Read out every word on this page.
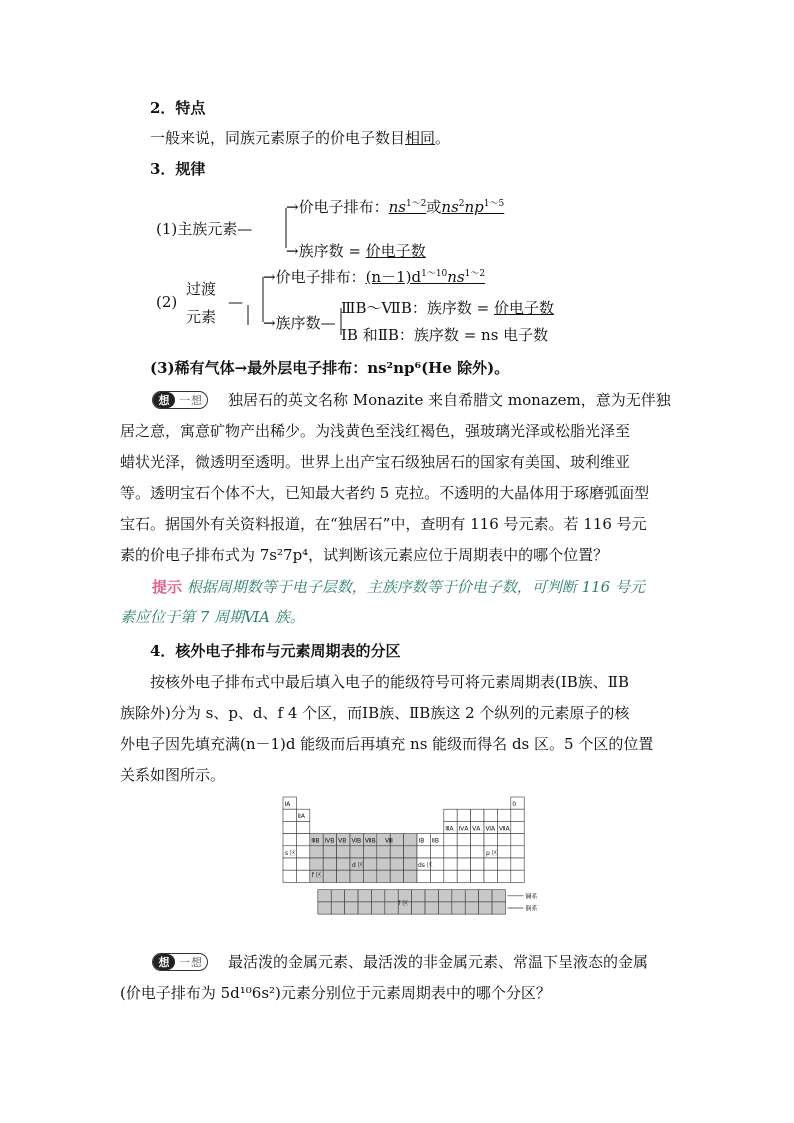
2．特点
一般来说，同族元素原子的价电子数目相同。
3．规律
(1)主族元素—
→价电子排布：$ns^{1\sim 2}$或$ns^2np^{1\sim 5}$
→族序数 = 价电子数
(2)
过渡
元素
—
→价电子排布：$(n-1)d^{1\sim 10}ns^{1\sim 2}$
→族序数—
ⅢB～ⅦB：族序数 = 价电子数
ⅠB 和ⅡB：族序数 = ns 电子数
(3)稀有气体→最外层电子排布：ns²np⁶(He 除外)。
想 一想 独居石的英文名称 Monazite 来自希腊文 monazem，意为无伴独
居之意，寓意矿物产出稀少。为浅黄色至浅红褐色，强玻璃光泽或松脂光泽至
蜡状光泽，微透明至透明。世界上出产宝石级独居石的国家有美国、玻利维亚
等。透明宝石个体不大，已知最大者约 5 克拉。不透明的大晶体用于琢磨弧面型
宝石。据国外有关资料报道，在“独居石”中，查明有 116 号元素。若 116 号元
素的价电子排布式为 7s²7p⁴，试判断该元素应位于周期表中的哪个位置？
提示 根据周期数等于电子层数，主族序数等于价电子数，可判断 116 号元
素应位于第 7 周期ⅥA 族。
4．核外电子排布与元素周期表的分区
按核外电子排布式中最后填入电子的能级符号可将元素周期表(ⅠB族、ⅡB
族除外)分为 s、p、d、f 4 个区，而ⅠB族、ⅡB族这 2 个纵列的元素原子的核
外电子因先填充满(n－1)d 能级而后再填充 ns 能级而得名 ds 区。5 个区的位置
关系如图所示。
ⅠA
ⅡA
ⅢB ⅣB ⅤB ⅥB ⅦB Ⅷ	ⅠB ⅡB
ⅢA ⅣA ⅤA ⅥA ⅦA
0
s 区
d 区	ds 区
p 区
f 区
f 区
镧系
锕系
想 一想 最活泼的金属元素、最活泼的非金属元素、常温下呈液态的金属
(价电子排布为 5d¹⁰6s²)元素分别位于元素周期表中的哪个分区？
